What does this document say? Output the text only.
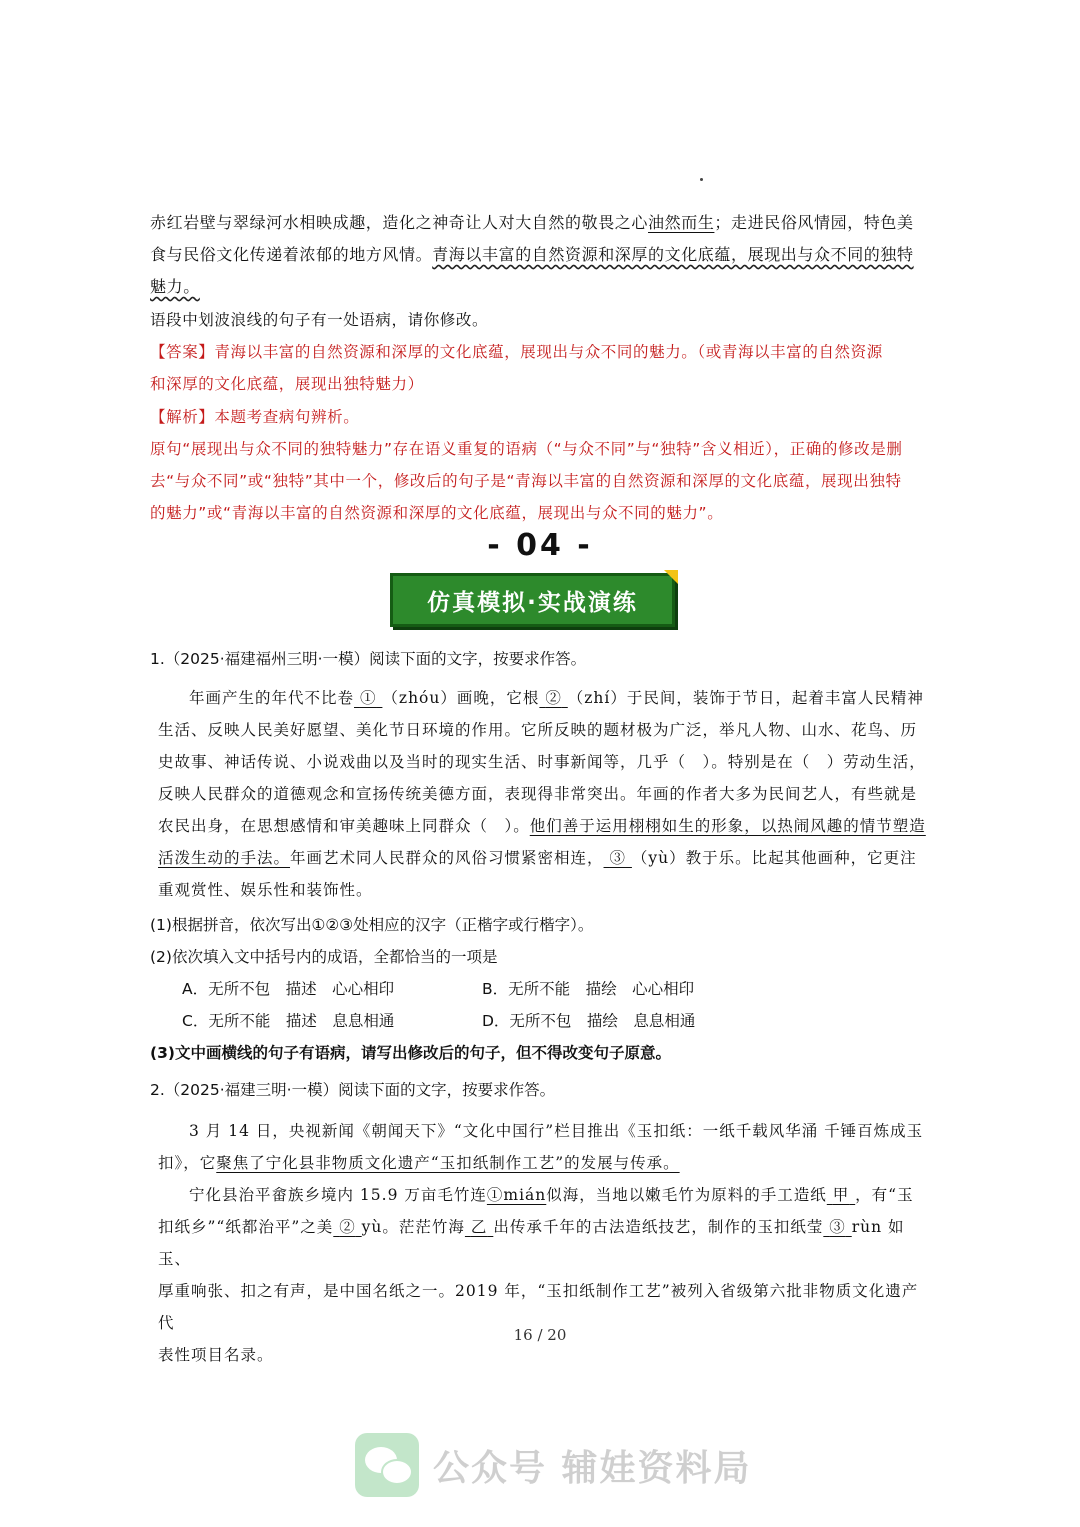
赤红岩壁与翠绿河水相映成趣，造化之神奇让人对大自然的敬畏之心油然而生；走进民俗风情园，特色美

食与民俗文化传递着浓郁的地方风情。青海以丰富的自然资源和深厚的文化底蕴，展现出与众不同的独特

魅力。

语段中划波浪线的句子有一处语病，请你修改。

【答案】青海以丰富的自然资源和深厚的文化底蕴，展现出与众不同的魅力。（或青海以丰富的自然资源

和深厚的文化底蕴，展现出独特魅力）

【解析】本题考查病句辨析。

原句“展现出与众不同的独特魅力”存在语义重复的语病（“与众不同”与“独特”含义相近），正确的修改是删

去“与众不同”或“独特”其中一个，修改后的句子是“青海以丰富的自然资源和深厚的文化底蕴，展现出独特

的魅力”或“青海以丰富的自然资源和深厚的文化底蕴，展现出与众不同的魅力”。

- 04 -
仿真模拟·实战演练
1.（2025·福建福州三明·一模）阅读下面的文字，按要求作答。
年画产生的年代不比卷 ① （zhóu）画晚，它根 ② （zhí）于民间，装饰于节日，起着丰富人民精神
生活、反映人民美好愿望、美化节日环境的作用。它所反映的题材极为广泛，举凡人物、山水、花鸟、历
史故事、神话传说、小说戏曲以及当时的现实生活、时事新闻等，几乎（　）。特别是在（　）劳动生活，
反映人民群众的道德观念和宣扬传统美德方面，表现得非常突出。年画的作者大多为民间艺人，有些就是
农民出身，在思想感情和审美趣味上同群众（　）。他们善于运用栩栩如生的形象，以热闹风趣的情节塑造
活泼生动的手法。年画艺术同人民群众的风俗习惯紧密相连， ③ （yù）教于乐。比起其他画种，它更注
重观赏性、娱乐性和装饰性。
(1)根据拼音，依次写出①②③处相应的汉字（正楷字或行楷字）。
(2)依次填入文中括号内的成语，全都恰当的一项是
A．无所不包　描述　心心相印	B．无所不能　描绘　心心相印
C．无所不能　描述　息息相通	D．无所不包　描绘　息息相通
(3)文中画横线的句子有语病，请写出修改后的句子，但不得改变句子原意。
2.（2025·福建三明·一模）阅读下面的文字，按要求作答。
3 月 14 日，央视新闻《朝闻天下》“文化中国行”栏目推出《玉扣纸：一纸千载风华涌 千锤百炼成玉
扣》，它聚焦了宁化县非物质文化遗产“玉扣纸制作工艺”的发展与传承。
宁化县治平畲族乡境内 15.9 万亩毛竹连①mián似海，当地以嫩毛竹为原料的手工造纸 甲 ，有“玉
扣纸乡”“纸都治平”之美 ② yù。茫茫竹海 乙 出传承千年的古法造纸技艺，制作的玉扣纸莹 ③ rùn 如玉、
厚重响张、扣之有声，是中国名纸之一。2019 年，“玉扣纸制作工艺”被列入省级第六批非物质文化遗产代
表性项目名录。
16 / 20
公众号 辅娃资料局
